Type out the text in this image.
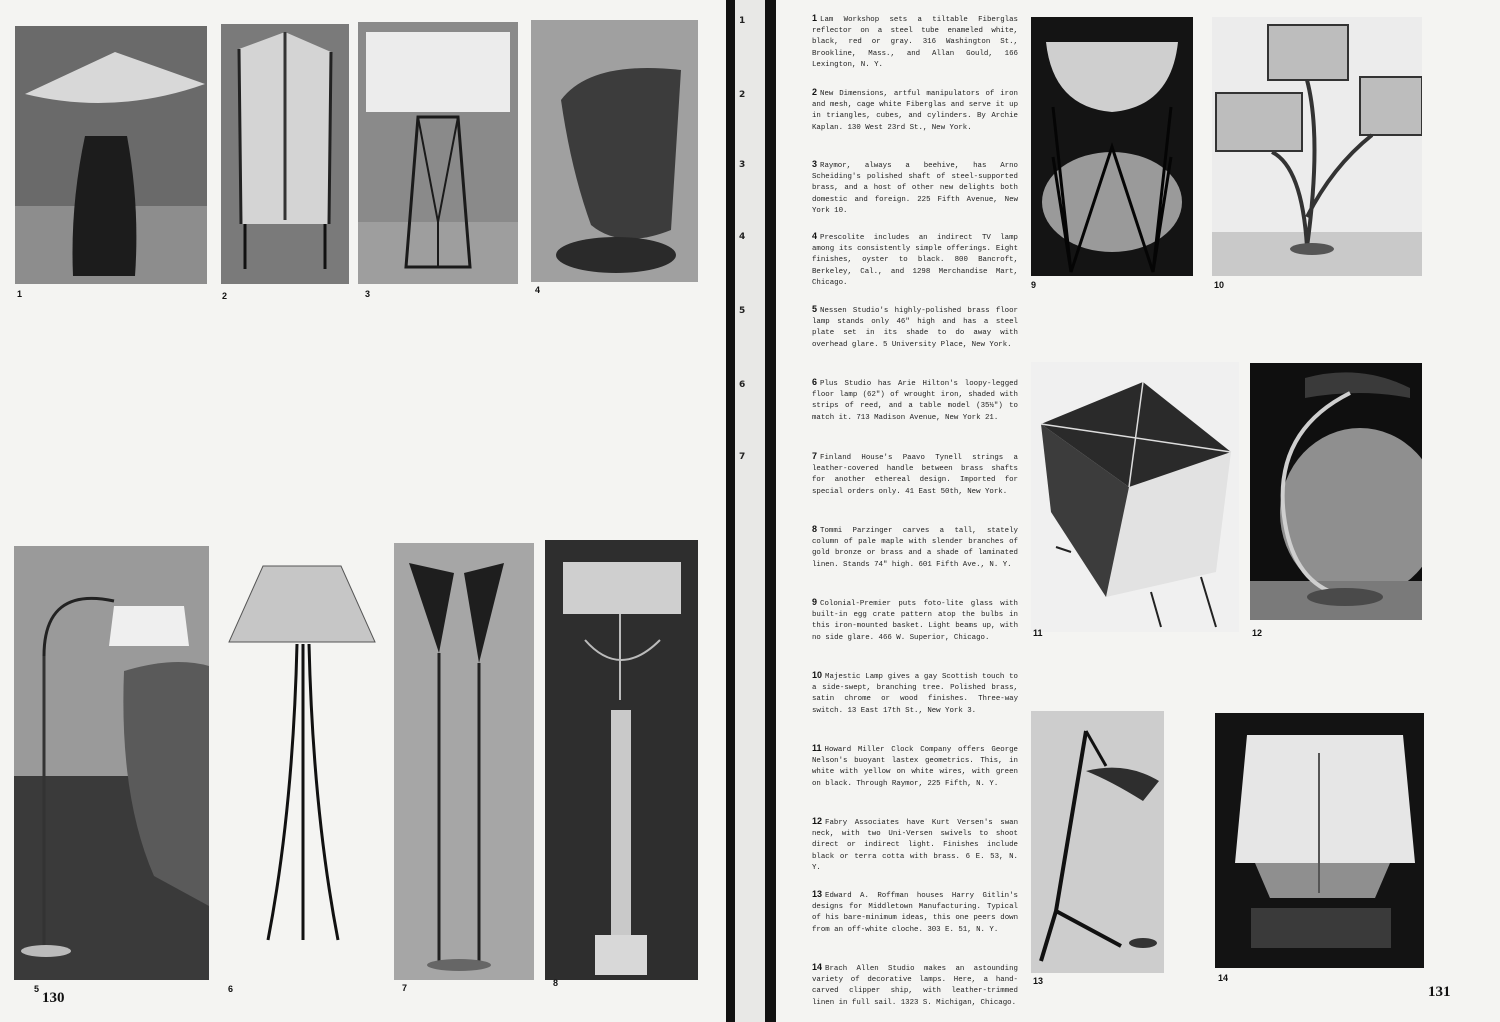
1	2	3	4
5	6	7	8
130
1
2
3
4
5
6
7
1 Lam Workshop sets a tiltable Fiberglas reflector on a steel tube enameled white, black, red or gray. 316 Washington St., Brookline, Mass., and Allan Gould, 166 Lexington, N. Y.
2 New Dimensions, artful manipulators of iron and mesh, cage white Fiberglas and serve it up in triangles, cubes, and cylinders. By Archie Kaplan. 130 West 23rd St., New York.
3 Raymor, always a beehive, has Arno Scheiding's polished shaft of steel-supported brass, and a host of other new delights both domestic and foreign. 225 Fifth Avenue, New York 10.
4 Prescolite includes an indirect TV lamp among its consistently simple offerings. Eight finishes, oyster to black. 800 Bancroft, Berkeley, Cal., and 1298 Merchandise Mart, Chicago.
5 Nessen Studio's highly-polished brass floor lamp stands only 46" high and has a steel plate set in its shade to do away with overhead glare. 5 University Place, New York.
6 Plus Studio has Arie Hilton's loopy-legged floor lamp (62") of wrought iron, shaded with strips of reed, and a table model (35½") to match it. 713 Madison Avenue, New York 21.
7 Finland House's Paavo Tynell strings a leather-covered handle between brass shafts for another ethereal design. Imported for special orders only. 41 East 50th, New York.
8 Tommi Parzinger carves a tall, stately column of pale maple with slender branches of gold bronze or brass and a shade of laminated linen. Stands 74" high. 601 Fifth Ave., N. Y.
9 Colonial-Premier puts foto-lite glass with built-in egg crate pattern atop the bulbs in this iron-mounted basket. Light beams up, with no side glare. 466 W. Superior, Chicago.
10 Majestic Lamp gives a gay Scottish touch to a side-swept, branching tree. Polished brass, satin chrome or wood finishes. Three-way switch. 13 East 17th St., New York 3.
11 Howard Miller Clock Company offers George Nelson's buoyant lastex geometrics. This, in white with yellow on white wires, with green on black. Through Raymor, 225 Fifth, N. Y.
12 Fabry Associates have Kurt Versen's swan neck, with two Uni-Versen swivels to shoot direct or indirect light. Finishes include black or terra cotta with brass. 6 E. 53, N. Y.
13 Edward A. Roffman houses Harry Gitlin's designs for Middletown Manufacturing. Typical of his bare-minimum ideas, this one peers down from an off-white cloche. 303 E. 51, N. Y.
14 Brach Allen Studio makes an astounding variety of decorative lamps. Here, a hand-carved clipper ship, with leather-trimmed linen in full sail. 1323 S. Michigan, Chicago.
9	10
11	12
13	14
131
